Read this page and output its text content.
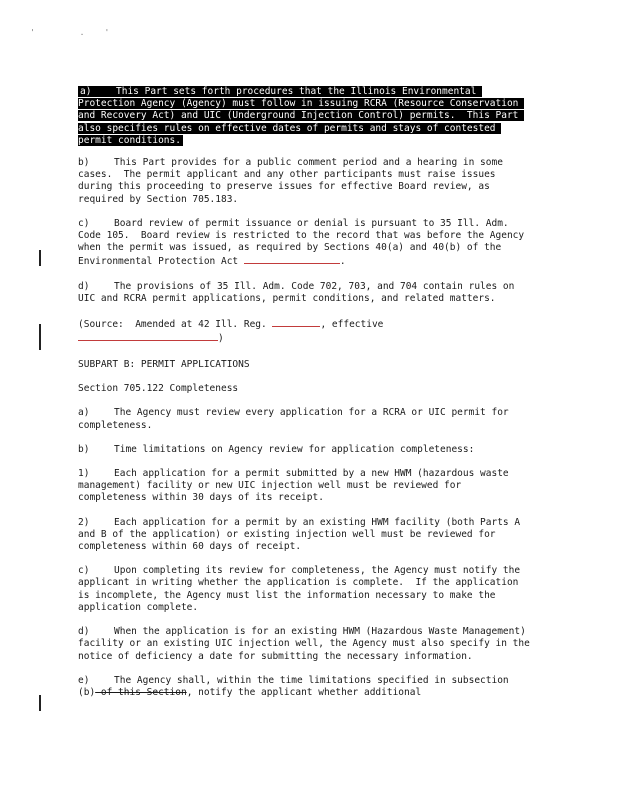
' .'

a)	This Part sets forth procedures that the Illinois Environmental Protection Agency (Agency) must follow in issuing RCRA (Resource Conservation and Recovery Act) and UIC (Underground Injection Control) permits.  This Part also specifies rules on effective dates of permits and stays of contested permit conditions.

b)	This Part provides for a public comment period and a hearing in some cases.  The permit applicant and any other participants must raise issues during this proceeding to preserve issues for effective Board review, as required by Section 705.183.

c)	Board review of permit issuance or denial is pursuant to 35 Ill. Adm. Code 105.  Board review is restricted to the record that was before the Agency when the permit was issued, as required by Sections 40(a) and 40(b) of the Environmental Protection Act	.

d)	The provisions of 35 Ill. Adm. Code 702, 703, and 704 contain rules on UIC and RCRA permit applications, permit conditions, and related matters.

(Source:  Amended at 42 Ill. Reg.	, effective
)

SUBPART B: PERMIT APPLICATIONS
Section 705.122 Completeness

a)	The Agency must review every application for a RCRA or UIC permit for completeness.

b)	Time limitations on Agency review for application completeness:

1)	Each application for a permit submitted by a new HWM (hazardous waste management) facility or new UIC injection well must be reviewed for completeness within 30 days of its receipt.

2)	Each application for a permit by an existing HWM facility (both Parts A and B of the application) or existing injection well must be reviewed for completeness within 60 days of receipt.

c)	Upon completing its review for completeness, the Agency must notify the applicant in writing whether the application is complete.  If the application is incomplete, the Agency must list the information necessary to make the application complete.

d)	When the application is for an existing HWM (Hazardous Waste Management) facility or an existing UIC injection well, the Agency must also specify in the notice of deficiency a date for submitting the necessary information.

e)	The Agency shall, within the time limitations specified in subsection (b) of this Section, notify the applicant whether additional
